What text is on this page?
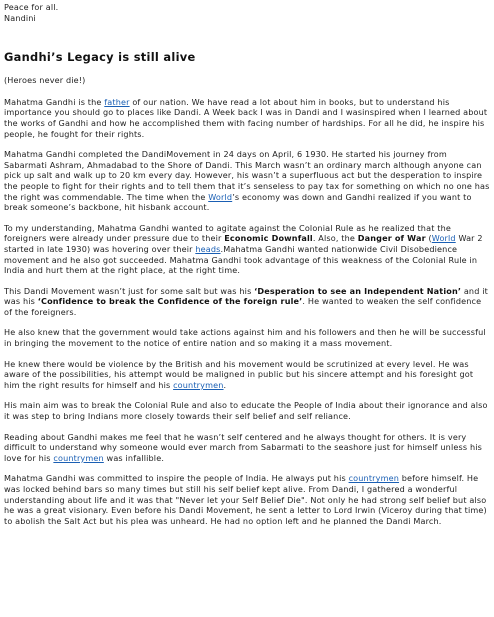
Peace for all.

Nandini

Gandhi’s Legacy is still alive

(Heroes never die!)

Mahatma Gandhi is the father of our nation. We have read a lot about him in books, but to understand his importance you should go to places like Dandi. A Week back I was in Dandi and I wasinspired when I learned about the works of Gandhi and how he accomplished them with facing number of hardships. For all he did, he inspire his people, he fought for their rights.

Mahatma Gandhi completed the DandiMovement in 24 days on April, 6 1930. He started his journey from Sabarmati Ashram, Ahmadabad to the Shore of Dandi. This March wasn’t an ordinary march although anyone can pick up salt and walk up to 20 km every day. However, his wasn’t a superfluous act but the desperation to inspire the people to fight for their rights and to tell them that it’s senseless to pay tax for something on which no one has the right was commendable. The time when the World’s economy was down and Gandhi realized if you want to break someone’s backbone, hit hisbank account.

To my understanding, Mahatma Gandhi wanted to agitate against the Colonial Rule as he realized that the foreigners were already under pressure due to their Economic Downfall. Also, the Danger of War (World War 2 started in late 1930) was hovering over their heads.Mahatma Gandhi wanted nationwide Civil Disobedience movement and he also got succeeded. Mahatma Gandhi took advantage of this weakness of the Colonial Rule in India and hurt them at the right place, at the right time.

This Dandi Movement wasn’t just for some salt but was his ‘Desperation to see an Independent Nation’ and it was his ‘Confidence to break the Confidence of the foreign rule’. He wanted to weaken the self confidence of the foreigners.

He also knew that the government would take actions against him and his followers and then he will be successful in bringing the movement to the notice of entire nation and so making it a mass movement.

He knew there would be violence by the British and his movement would be scrutinized at every level. He was aware of the possibilities, his attempt would be maligned in public but his sincere attempt and his foresight got him the right results for himself and his countrymen.

His main aim was to break the Colonial Rule and also to educate the People of India about their ignorance and also it was step to bring Indians more closely towards their self belief and self reliance.

Reading about Gandhi makes me feel that he wasn’t self centered and he always thought for others. It is very difficult to understand why someone would ever march from Sabarmati to the seashore just for himself unless his love for his countrymen was infallible.

Mahatma Gandhi was committed to inspire the people of India. He always put his countrymen before himself. He was locked behind bars so many times but still his self belief kept alive. From Dandi, I gathered a wonderful understanding about life and it was that "Never let your Self Belief Die". Not only he had strong self belief but also he was a great visionary. Even before his Dandi Movement, he sent a letter to Lord Irwin (Viceroy during that time) to abolish the Salt Act but his plea was unheard. He had no option left and he planned the Dandi March.
